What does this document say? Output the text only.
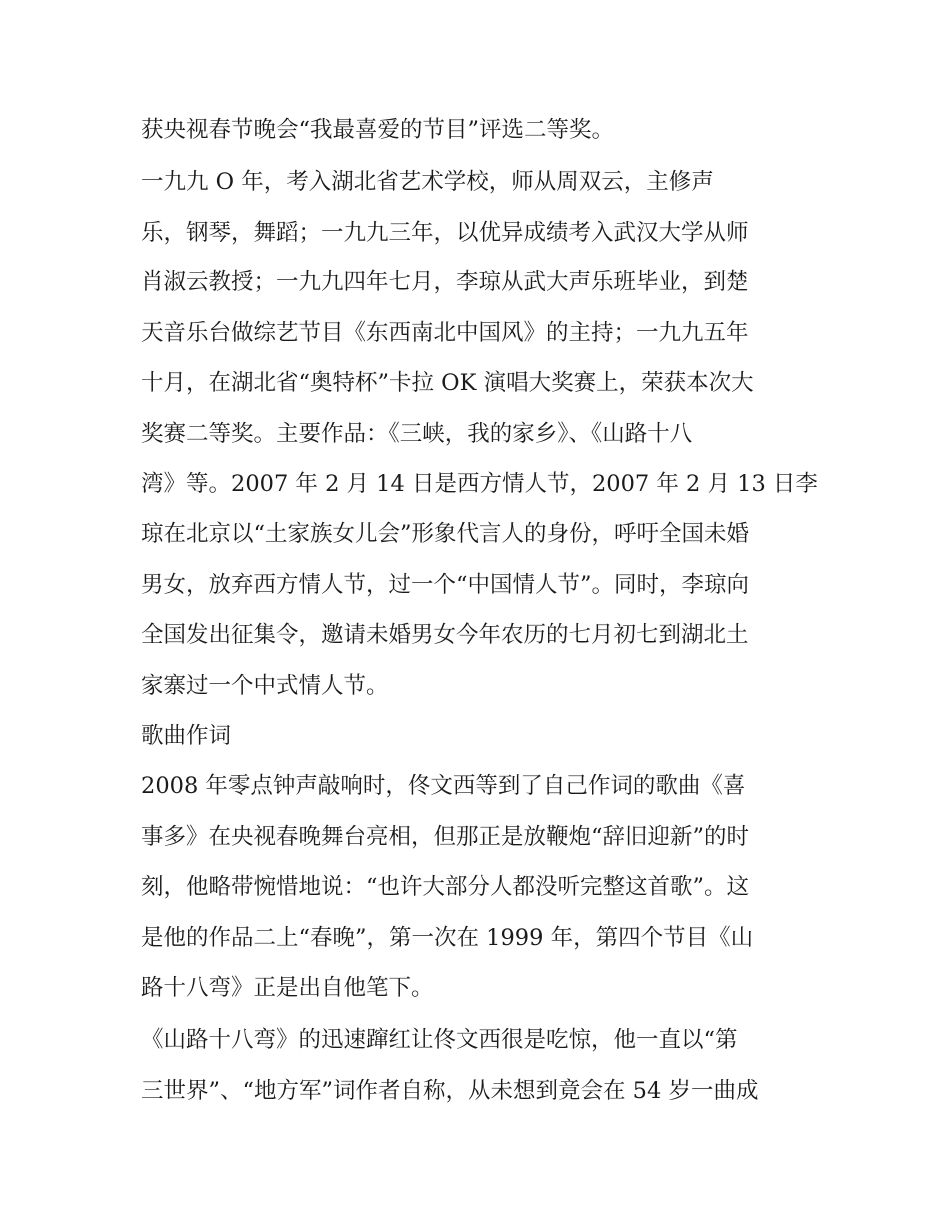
获央视春节晚会“我最喜爱的节目”评选二等奖。

一九九 O 年，考入湖北省艺术学校，师从周双云，主修声

乐，钢琴，舞蹈；一九九三年，以优异成绩考入武汉大学从师

肖淑云教授；一九九四年七月，李琼从武大声乐班毕业，到楚

天音乐台做综艺节目《东西南北中国风》的主持；一九九五年

十月，在湖北省“奥特杯”卡拉 OK 演唱大奖赛上，荣获本次大

奖赛二等奖。主要作品：《三峡，我的家乡》、《山路十八

湾》等。2007 年 2 月 14 日是西方情人节，2007 年 2 月 13 日李

琼在北京以“土家族女儿会”形象代言人的身份，呼吁全国未婚

男女，放弃西方情人节，过一个“中国情人节”。同时，李琼向

全国发出征集令，邀请未婚男女今年农历的七月初七到湖北土

家寨过一个中式情人节。

歌曲作词

2008 年零点钟声敲响时，佟文西等到了自己作词的歌曲《喜

事多》在央视春晚舞台亮相，但那正是放鞭炮“辞旧迎新”的时

刻，他略带惋惜地说：“也许大部分人都没听完整这首歌”。这

是他的作品二上“春晚”，第一次在 1999 年，第四个节目《山

路十八弯》正是出自他笔下。

《山路十八弯》的迅速蹿红让佟文西很是吃惊，他一直以“第

三世界”、“地方军”词作者自称，从未想到竟会在 54 岁一曲成
